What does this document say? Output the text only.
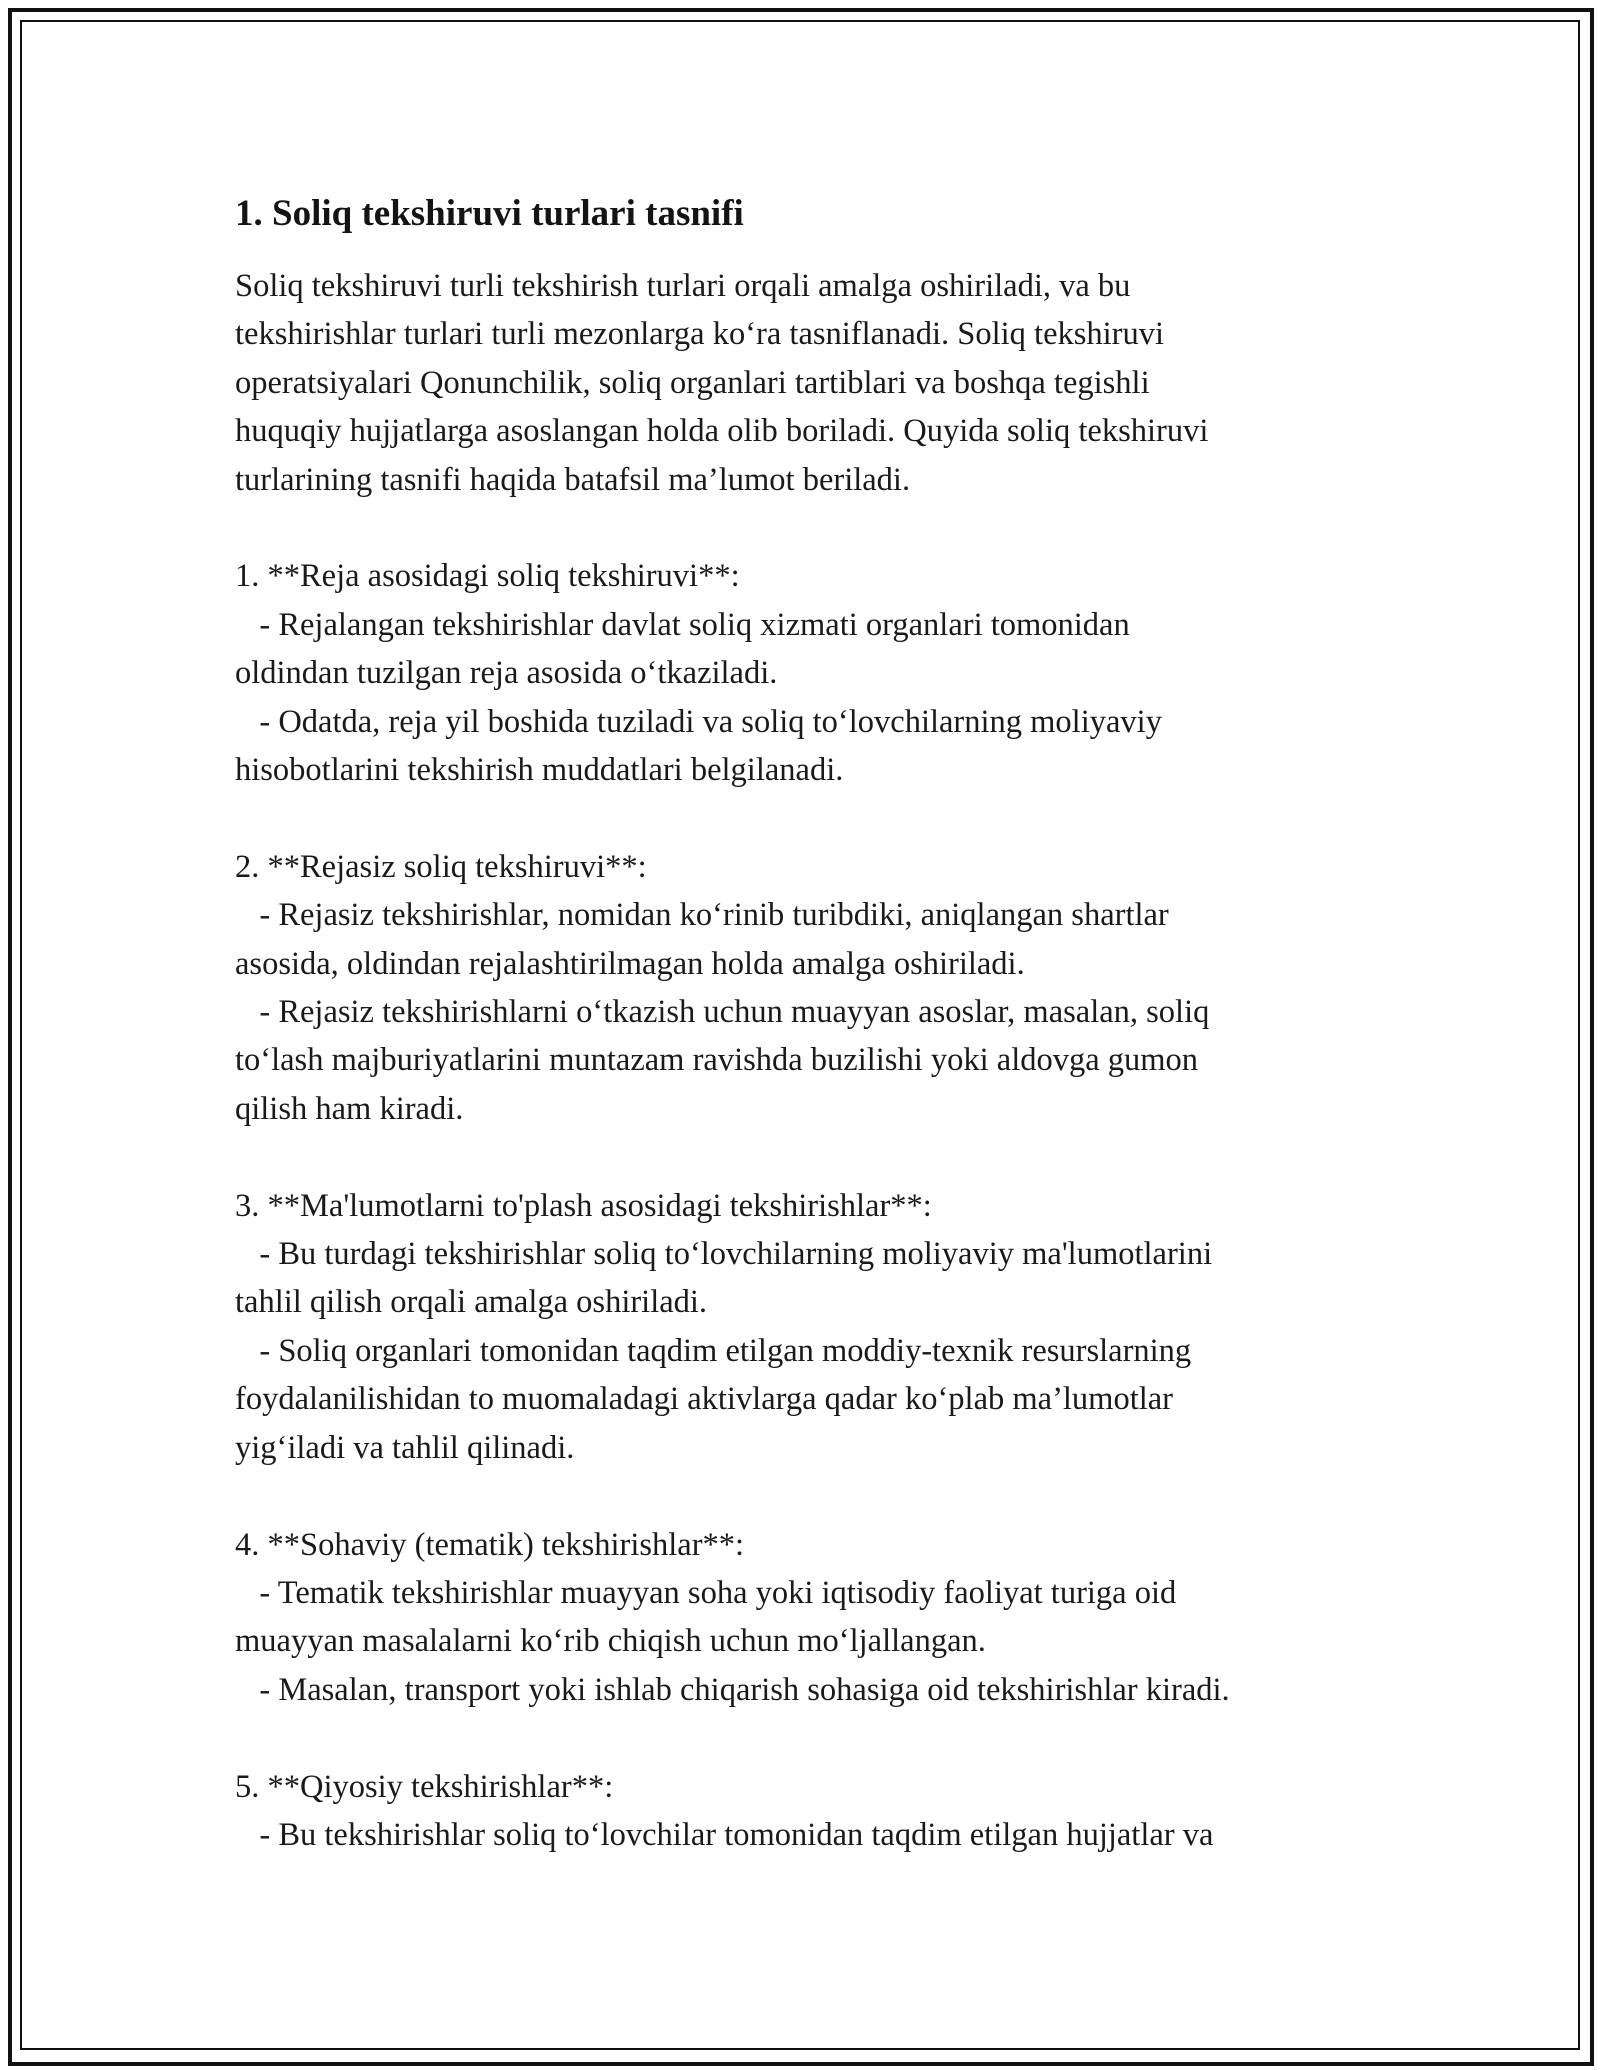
1. Soliq tekshiruvi turlari tasnifi

Soliq tekshiruvi turli tekshirish turlari orqali amalga oshiriladi, va bu
tekshirishlar turlari turli mezonlarga ko‘ra tasniflanadi. Soliq tekshiruvi
operatsiyalari Qonunchilik, soliq organlari tartiblari va boshqa tegishli
huquqiy hujjatlarga asoslangan holda olib boriladi. Quyida soliq tekshiruvi
turlarining tasnifi haqida batafsil ma’lumot beriladi.

1. **Reja asosidagi soliq tekshiruvi**:

- Rejalangan tekshirishlar davlat soliq xizmati organlari tomonidan
oldindan tuzilgan reja asosida o‘tkaziladi.
- Odatda, reja yil boshida tuziladi va soliq to‘lovchilarning moliyaviy
hisobotlarini tekshirish muddatlari belgilanadi.

2. **Rejasiz soliq tekshiruvi**:

- Rejasiz tekshirishlar, nomidan ko‘rinib turibdiki, aniqlangan shartlar
asosida, oldindan rejalashtirilmagan holda amalga oshiriladi.
- Rejasiz tekshirishlarni o‘tkazish uchun muayyan asoslar, masalan, soliq
to‘lash majburiyatlarini muntazam ravishda buzilishi yoki aldovga gumon
qilish ham kiradi.

3. **Ma'lumotlarni to'plash asosidagi tekshirishlar**:

- Bu turdagi tekshirishlar soliq to‘lovchilarning moliyaviy ma'lumotlarini
tahlil qilish orqali amalga oshiriladi.
- Soliq organlari tomonidan taqdim etilgan moddiy-texnik resurslarning
foydalanilishidan to muomaladagi aktivlarga qadar ko‘plab ma’lumotlar
yig‘iladi va tahlil qilinadi.

4. **Sohaviy (tematik) tekshirishlar**:

- Tematik tekshirishlar muayyan soha yoki iqtisodiy faoliyat turiga oid
muayyan masalalarni ko‘rib chiqish uchun mo‘ljallangan.
- Masalan, transport yoki ishlab chiqarish sohasiga oid tekshirishlar kiradi.

5. **Qiyosiy tekshirishlar**:

- Bu tekshirishlar soliq to‘lovchilar tomonidan taqdim etilgan hujjatlar va
